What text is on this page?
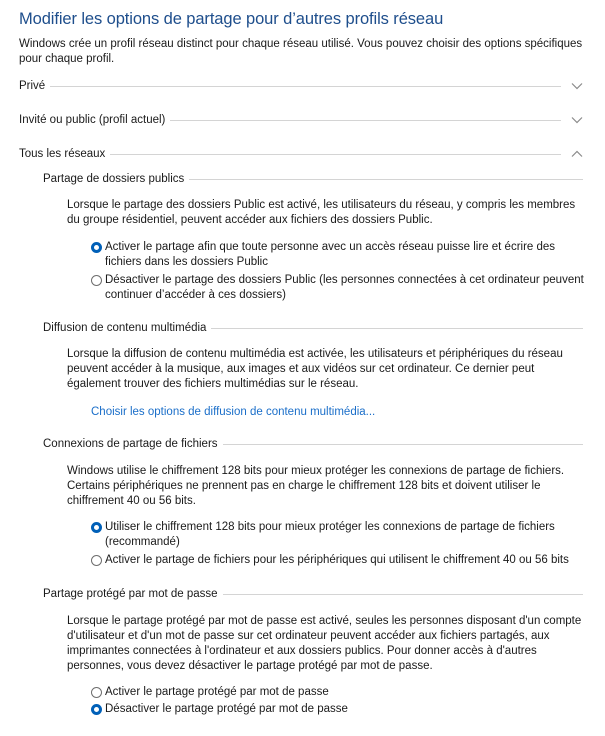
Modifier les options de partage pour d’autres profils réseau
Windows crée un profil réseau distinct pour chaque réseau utilisé. Vous pouvez choisir des options spécifiques pour chaque profil.
Privé
Invité ou public (profil actuel)
Tous les réseaux
Partage de dossiers publics
Lorsque le partage des dossiers Public est activé, les utilisateurs du réseau, y compris les membres du groupe résidentiel, peuvent accéder aux fichiers des dossiers Public.
Activer le partage afin que toute personne avec un accès réseau puisse lire et écrire des fichiers dans les dossiers Public
Désactiver le partage des dossiers Public (les personnes connectées à cet ordinateur peuvent continuer d’accéder à ces dossiers)
Diffusion de contenu multimédia
Lorsque la diffusion de contenu multimédia est activée, les utilisateurs et périphériques du réseau peuvent accéder à la musique, aux images et aux vidéos sur cet ordinateur. Ce dernier peut également trouver des fichiers multimédias sur le réseau.
Choisir les options de diffusion de contenu multimédia...
Connexions de partage de fichiers
Windows utilise le chiffrement 128 bits pour mieux protéger les connexions de partage de fichiers. Certains périphériques ne prennent pas en charge le chiffrement 128 bits et doivent utiliser le chiffrement 40 ou 56 bits.
Utiliser le chiffrement 128 bits pour mieux protéger les connexions de partage de fichiers (recommandé)
Activer le partage de fichiers pour les périphériques qui utilisent le chiffrement 40 ou 56 bits
Partage protégé par mot de passe
Lorsque le partage protégé par mot de passe est activé, seules les personnes disposant d'un compte d'utilisateur et d'un mot de passe sur cet ordinateur peuvent accéder aux fichiers partagés, aux imprimantes connectées à l'ordinateur et aux dossiers publics. Pour donner accès à d'autres personnes, vous devez désactiver le partage protégé par mot de passe.
Activer le partage protégé par mot de passe
Désactiver le partage protégé par mot de passe
